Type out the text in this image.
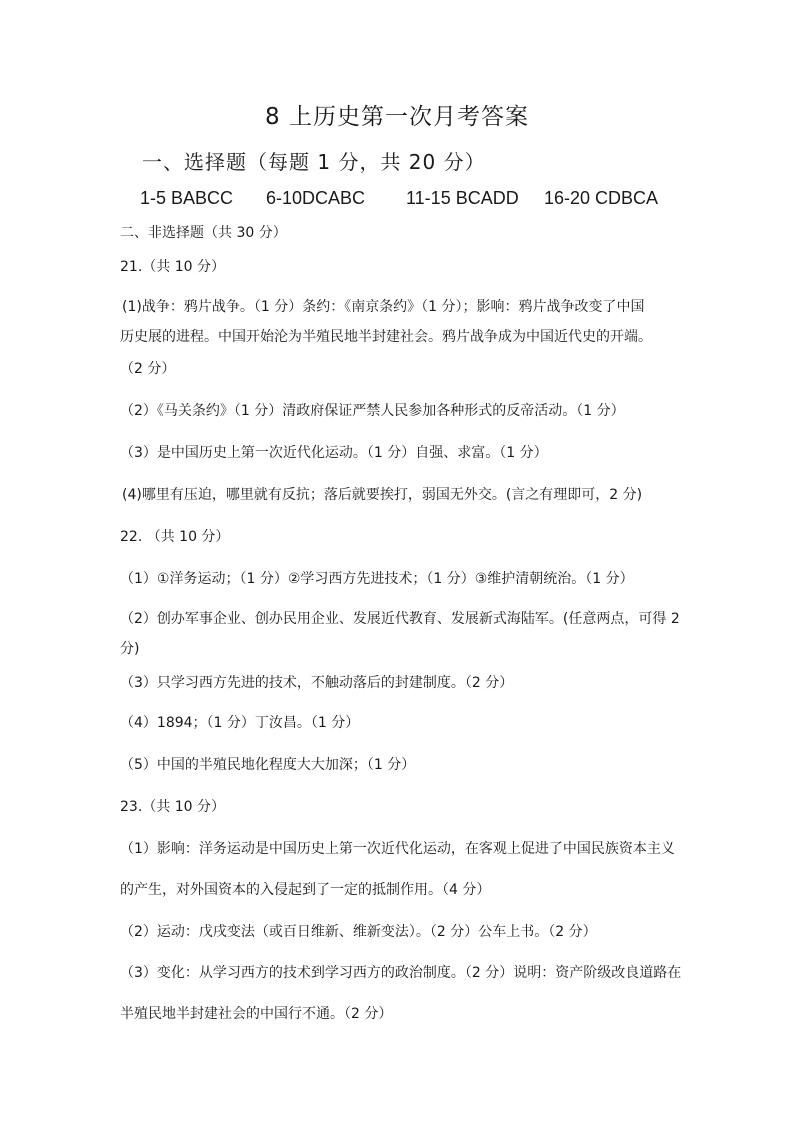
8 上历史第一次月考答案
一、选择题（每题 1 分，共 20 分）
1-5 BABCC 6-10DCABC 11-15 BCADD 16-20 CDBCA

二、非选择题（共 30 分）

21.（共 10 分）

(1)战争：鸦片战争。（1 分）条约：《南京条约》（1 分）；影响：鸦片战争改变了中国

历史展的进程。中国开始沦为半殖民地半封建社会。鸦片战争成为中国近代史的开端。

（2 分）

（2）《马关条约》（1 分）清政府保证严禁人民参加各种形式的反帝活动。（1 分）

（3）是中国历史上第一次近代化运动。（1 分）自强、求富。（1 分）

(4)哪里有压迫，哪里就有反抗；落后就要挨打，弱国无外交。(言之有理即可，2 分)

22. （共 10 分）

（1）①洋务运动；（1 分）②学习西方先进技术；（1 分）③维护清朝统治。（1 分）

（2）创办军事企业、创办民用企业、发展近代教育、发展新式海陆军。(任意两点，可得 2

分)

（3）只学习西方先进的技术，不触动落后的封建制度。（2 分）

（4）1894；（1 分）丁汝昌。（1 分）

（5）中国的半殖民地化程度大大加深；（1 分）

23.（共 10 分）

（1）影响：洋务运动是中国历史上第一次近代化运动，在客观上促进了中国民族资本主义

的产生，对外国资本的入侵起到了一定的抵制作用。（4 分）

（2）运动：戊戌变法（或百日维新、维新变法）。（2 分）公车上书。（2 分）

（3）变化：从学习西方的技术到学习西方的政治制度。（2 分）说明：资产阶级改良道路在

半殖民地半封建社会的中国行不通。（2 分）
